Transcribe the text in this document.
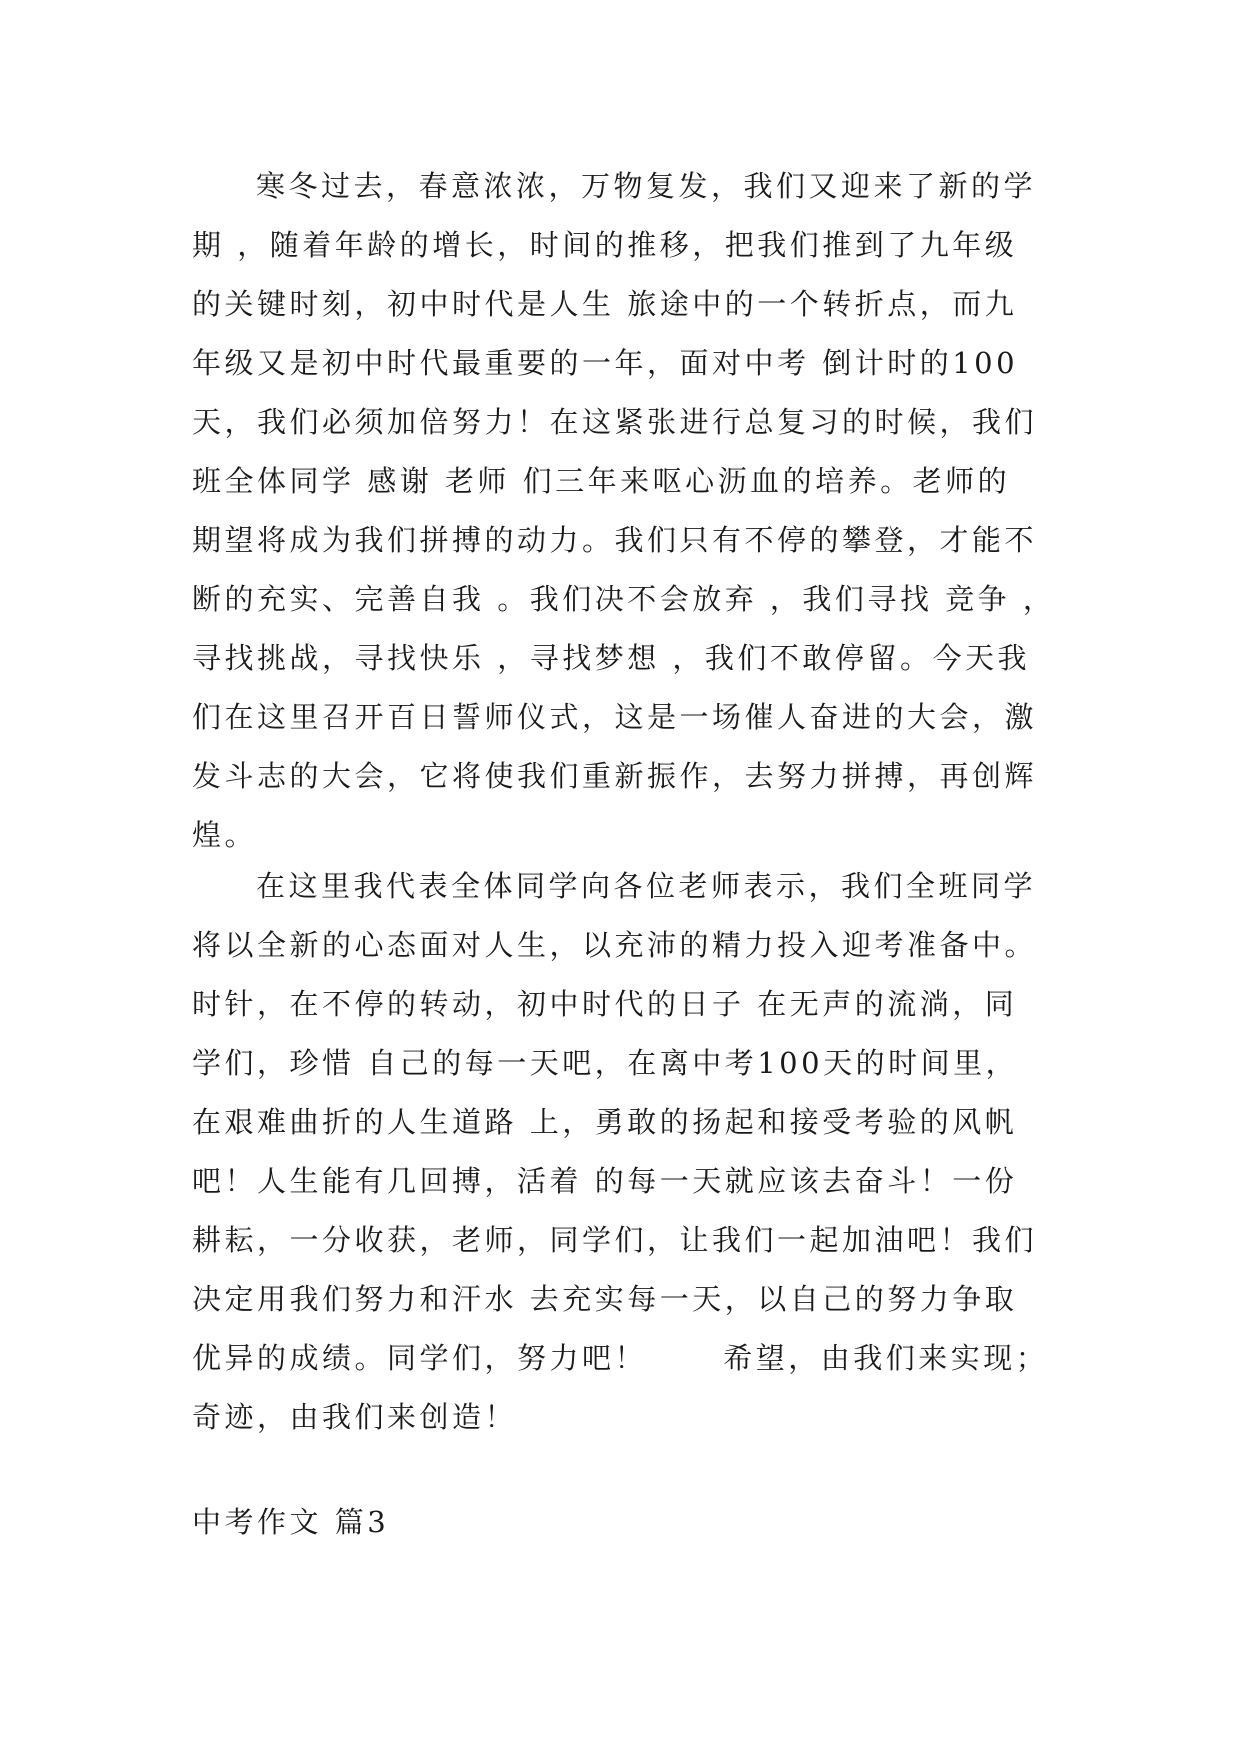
寒冬过去，春意浓浓，万物复发，我们又迎来了新的学
期 ，随着年龄的增长，时间的推移，把我们推到了九年级
的关键时刻，初中时代是人生 旅途中的一个转折点，而九
年级又是初中时代最重要的一年，面对中考 倒计时的100
天，我们必须加倍努力！在这紧张进行总复习的时候，我们
班全体同学 感谢 老师 们三年来呕心沥血的培养。老师的
期望将成为我们拼搏的动力。我们只有不停的攀登，才能不
断的充实、完善自我 。我们决不会放弃 ，我们寻找 竞争 ，
寻找挑战，寻找快乐 ，寻找梦想 ，我们不敢停留。今天我
们在这里召开百日誓师仪式，这是一场催人奋进的大会，激
发斗志的大会，它将使我们重新振作，去努力拼搏，再创辉
煌。
在这里我代表全体同学向各位老师表示，我们全班同学
将以全新的心态面对人生，以充沛的精力投入迎考准备中。
时针，在不停的转动，初中时代的日子 在无声的流淌，同
学们，珍惜 自己的每一天吧，在离中考100天的时间里，
在艰难曲折的人生道路 上，勇敢的扬起和接受考验的风帆
吧！人生能有几回搏，活着 的每一天就应该去奋斗！一份
耕耘，一分收获，老师，同学们，让我们一起加油吧！我们
决定用我们努力和汗水 去充实每一天，以自己的努力争取
优异的成绩。同学们，努力吧！      希望，由我们来实现；
奇迹，由我们来创造！
中考作文 篇3
